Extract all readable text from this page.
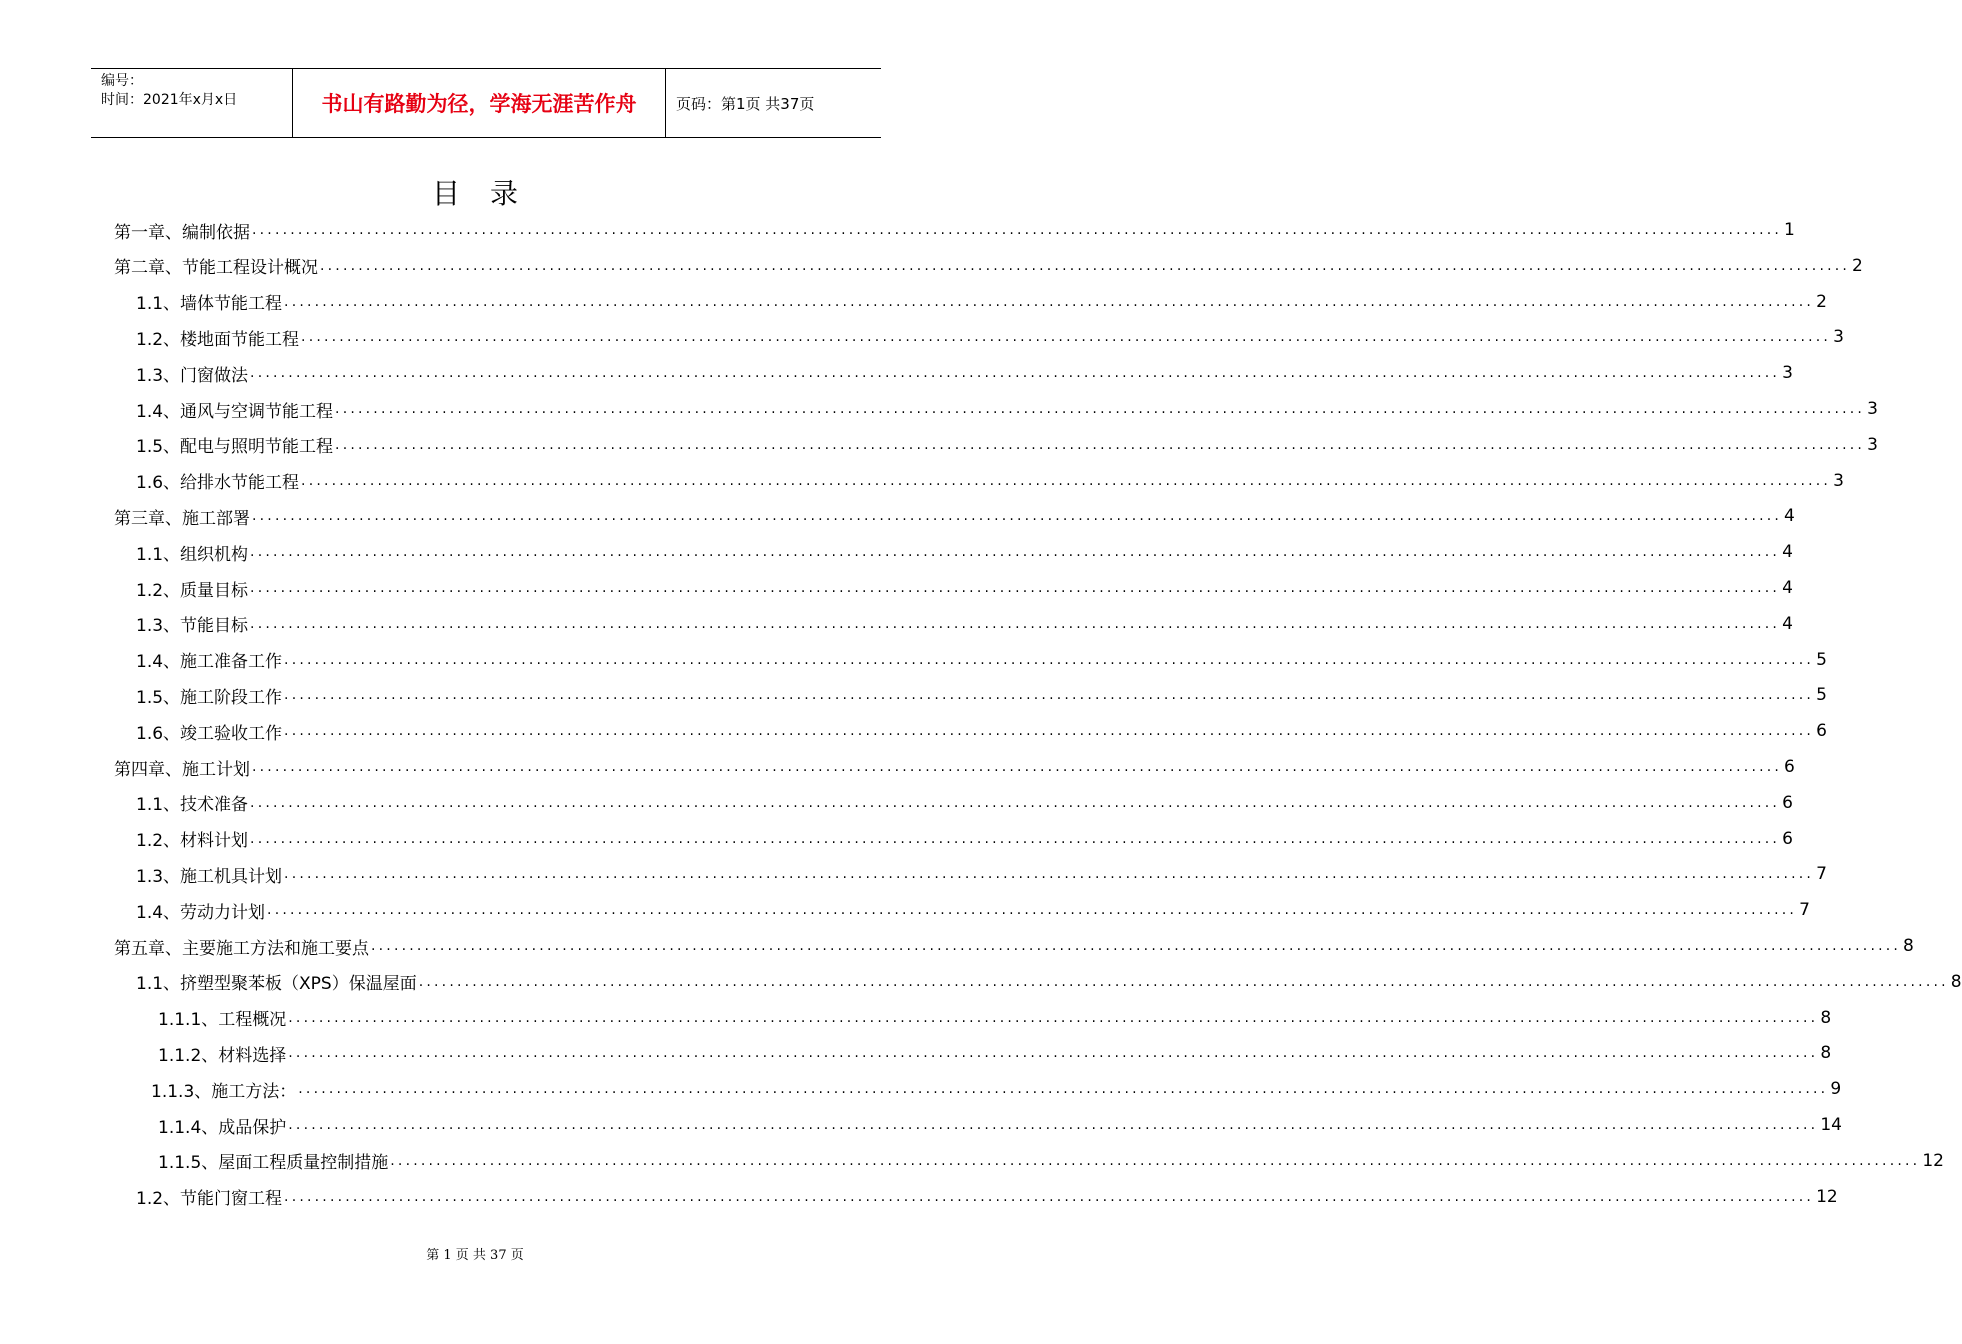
编号：
时间：2021年x月x日	书山有路勤为径，学海无涯苦作舟	页码：第1页 共37页
目录
第一章、编制依据 ........................................................................................................................................................................................................ 1
第二章、节能工程设计概况 ........................................................................................................................................................................................................ 2
1.1、墙体节能工程 ........................................................................................................................................................................................................ 2
1.2、楼地面节能工程 ........................................................................................................................................................................................................ 3
1.3、门窗做法 ........................................................................................................................................................................................................ 3
1.4、通风与空调节能工程 ........................................................................................................................................................................................................ 3
1.5、配电与照明节能工程 ........................................................................................................................................................................................................ 3
1.6、给排水节能工程 ........................................................................................................................................................................................................ 3
第三章、施工部署 ........................................................................................................................................................................................................ 4
1.1、组织机构 ........................................................................................................................................................................................................ 4
1.2、质量目标 ........................................................................................................................................................................................................ 4
1.3、节能目标 ........................................................................................................................................................................................................ 4
1.4、施工准备工作 ........................................................................................................................................................................................................ 5
1.5、施工阶段工作 ........................................................................................................................................................................................................ 5
1.6、竣工验收工作 ........................................................................................................................................................................................................ 6
第四章、施工计划 ........................................................................................................................................................................................................ 6
1.1、技术准备 ........................................................................................................................................................................................................ 6
1.2、材料计划 ........................................................................................................................................................................................................ 6
1.3、施工机具计划 ........................................................................................................................................................................................................ 7
1.4、劳动力计划 ........................................................................................................................................................................................................ 7
第五章、主要施工方法和施工要点 ........................................................................................................................................................................................................ 8
1.1、挤塑型聚苯板（XPS）保温屋面 ........................................................................................................................................................................................................ 8
1.1.1、工程概况 ........................................................................................................................................................................................................ 8
1.1.2、材料选择 ........................................................................................................................................................................................................ 8
1.1.3、施工方法： ........................................................................................................................................................................................................ 9
1.1.4、成品保护 ........................................................................................................................................................................................................ 14
1.1.5、屋面工程质量控制措施 ........................................................................................................................................................................................................ 12
1.2、节能门窗工程 ........................................................................................................................................................................................................ 12
第 1 页 共 37 页
